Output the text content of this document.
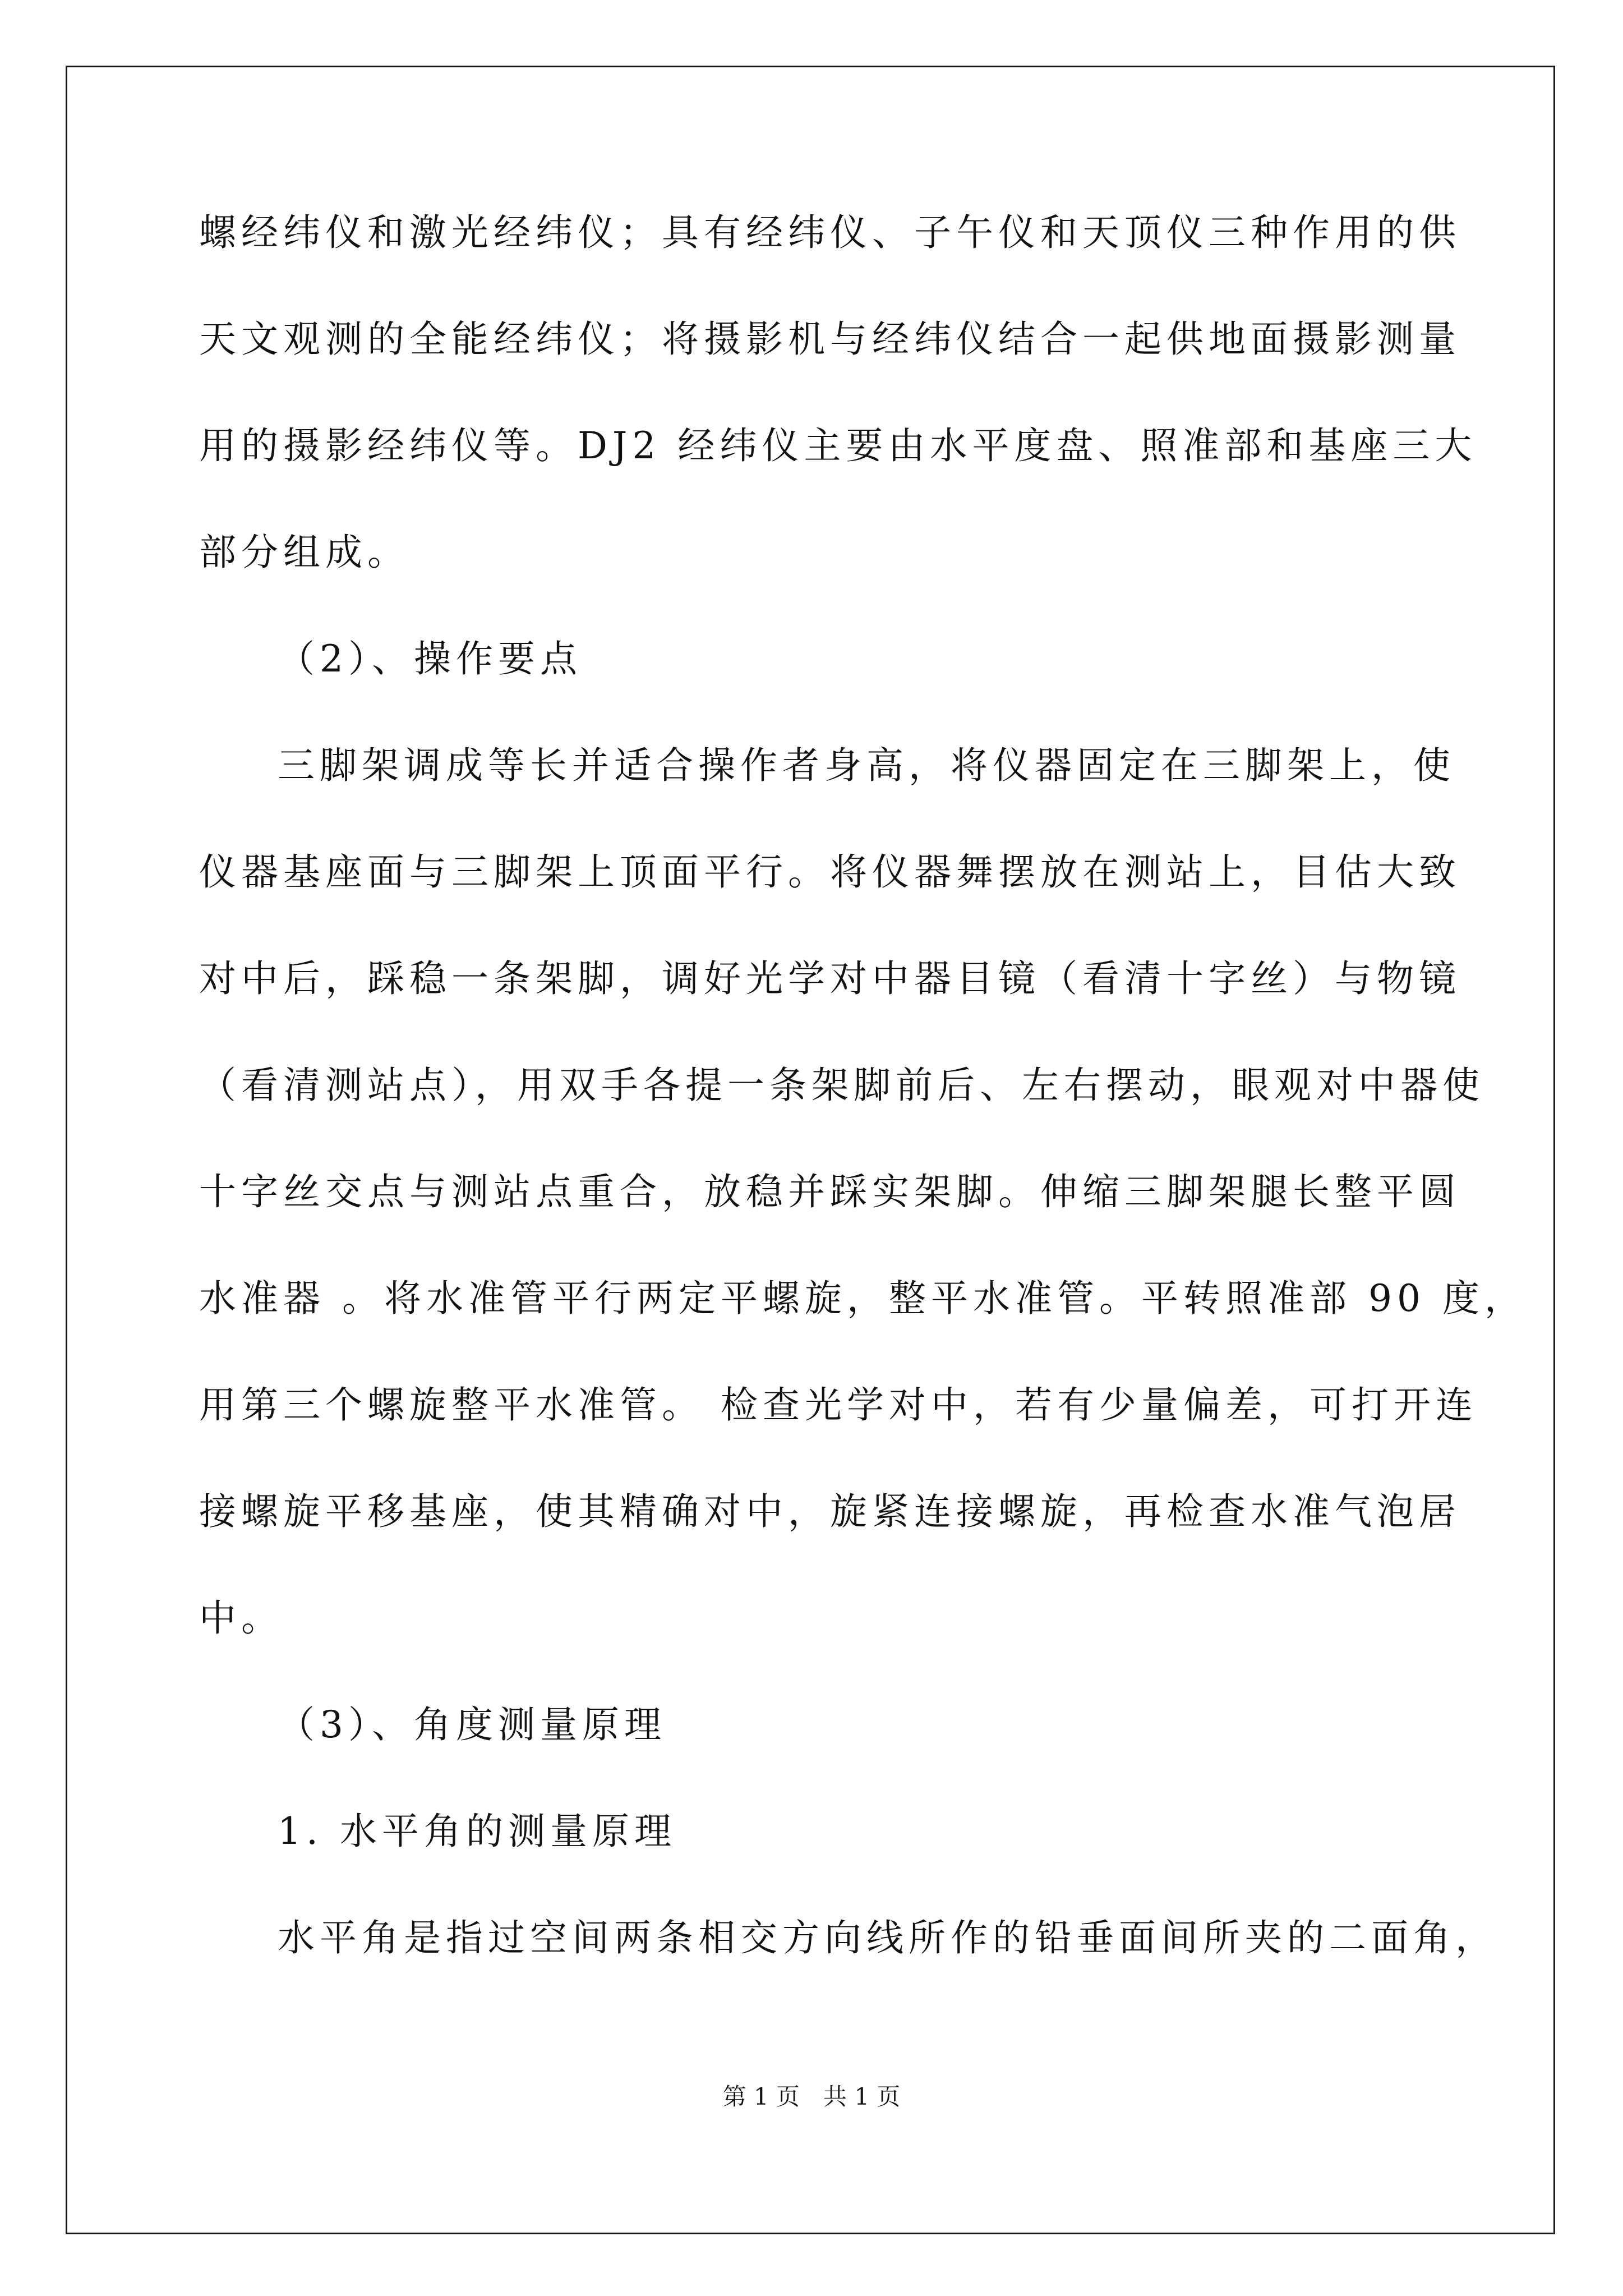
螺经纬仪和激光经纬仪；具有经纬仪、子午仪和天顶仪三种作用的供
天文观测的全能经纬仪；将摄影机与经纬仪结合一起供地面摄影测量
用的摄影经纬仪等。DJ2 经纬仪主要由水平度盘、照准部和基座三大
部分组成。
（2）、操作要点
三脚架调成等长并适合操作者身高，将仪器固定在三脚架上，使
仪器基座面与三脚架上顶面平行。将仪器舞摆放在测站上，目估大致
对中后，踩稳一条架脚，调好光学对中器目镜（看清十字丝）与物镜
（看清测站点），用双手各提一条架脚前后、左右摆动，眼观对中器使
十字丝交点与测站点重合，放稳并踩实架脚。伸缩三脚架腿长整平圆
水准器 。将水准管平行两定平螺旋，整平水准管。平转照准部 90 度，
用第三个螺旋整平水准管。 检查光学对中，若有少量偏差，可打开连
接螺旋平移基座，使其精确对中，旋紧连接螺旋，再检查水准气泡居
中。
（3）、角度测量原理
1. 水平角的测量原理
水平角是指过空间两条相交方向线所作的铅垂面间所夹的二面角，
第 1 页　共 1 页
